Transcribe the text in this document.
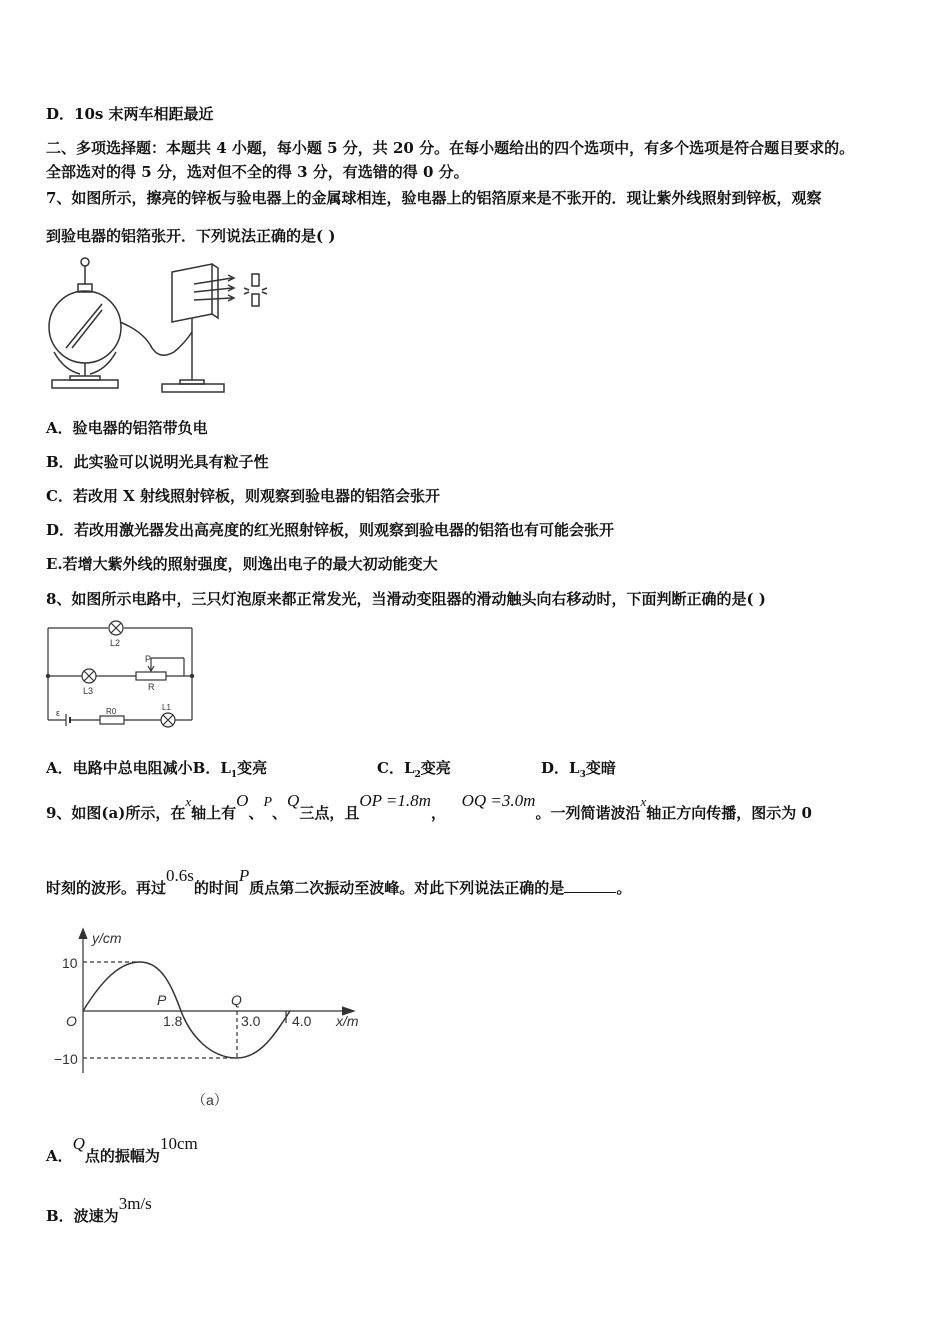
D．10s 末两车相距最近
二、多项选择题：本题共 4 小题，每小题 5 分，共 20 分。在每小题给出的四个选项中，有多个选项是符合题目要求的。
全部选对的得 5 分，选对但不全的得 3 分，有选错的得 0 分。
7、如图所示，擦亮的锌板与验电器上的金属球相连，验电器上的铝箔原来是不张开的．现让紫外线照射到锌板，观察
到验电器的铝箔张开．下列说法正确的是( )
A．验电器的铝箔带负电
B．此实验可以说明光具有粒子性
C．若改用 X 射线照射锌板，则观察到验电器的铝箔会张开
D．若改用激光器发出高亮度的红光照射锌板，则观察到验电器的铝箔也有可能会张开
E.若增大紫外线的照射强度，则逸出电子的最大初动能变大
8、如图所示电路中，三只灯泡原来都正常发光，当滑动变阻器的滑动触头向右移动时，下面判断正确的是( )
L2
L3	R
P
R0	L1
ε
A．电路中总电阻减小B．$L_1$变亮	C．$L_2$变亮	D．$L_3$变暗
9、如图(a)所示，在x轴上有O、P、Q三点，且OP =1.8m，   OQ =3.0m。一列简谐波沿x轴正方向传播，图示为 0
时刻的波形。再过0.6s的时间P质点第二次振动至波峰。对此下列说法正确的是	。
y/cm
10
−10
O	1.8	3.0 4.0 x/m
P	Q
（a）
A．Q点的振幅为10cm
B．波速为3m/s
